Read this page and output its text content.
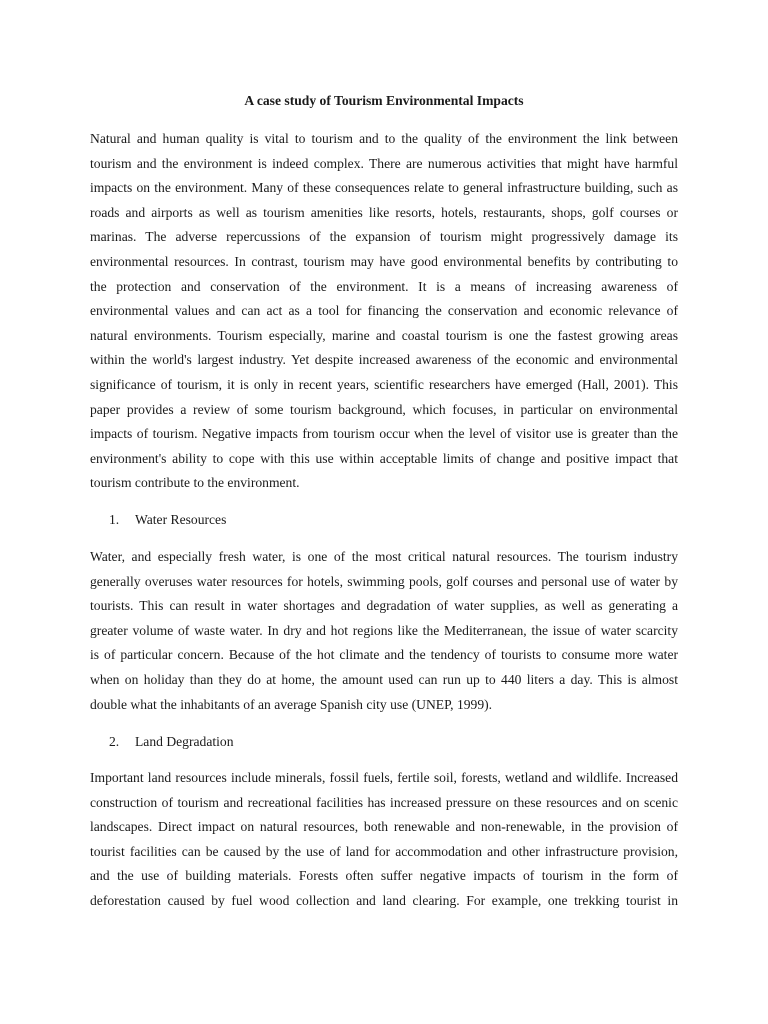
A case study of Tourism Environmental Impacts
Natural and human quality is vital to tourism and to the quality of the environment the link between
tourism and the environment is indeed complex. There are numerous activities that might have harmful
impacts on the environment. Many of these consequences relate to general infrastructure building, such as
roads and airports as well as tourism amenities like resorts, hotels, restaurants, shops, golf courses or
marinas. The adverse repercussions of the expansion of tourism might progressively damage its
environmental resources. In contrast, tourism may have good environmental benefits by contributing to
the protection and conservation of the environment. It is a means of increasing awareness of
environmental values and can act as a tool for financing the conservation and economic relevance of
natural environments. Tourism especially, marine and coastal tourism is one the fastest growing areas
within the world's largest industry. Yet despite increased awareness of the economic and environmental
significance of tourism, it is only in recent years, scientific researchers have emerged (Hall, 2001). This
paper provides a review of some tourism background, which focuses, in particular on environmental
impacts of tourism. Negative impacts from tourism occur when the level of visitor use is greater than the
environment's ability to cope with this use within acceptable limits of change and positive impact that
tourism contribute to the environment.
1. Water Resources
Water, and especially fresh water, is one of the most critical natural resources. The tourism industry
generally overuses water resources for hotels, swimming pools, golf courses and personal use of water by
tourists. This can result in water shortages and degradation of water supplies, as well as generating a
greater volume of waste water. In dry and hot regions like the Mediterranean, the issue of water scarcity
is of particular concern. Because of the hot climate and the tendency of tourists to consume more water
when on holiday than they do at home, the amount used can run up to 440 liters a day. This is almost
double what the inhabitants of an average Spanish city use (UNEP, 1999).
2. Land Degradation
Important land resources include minerals, fossil fuels, fertile soil, forests, wetland and wildlife. Increased
construction of tourism and recreational facilities has increased pressure on these resources and on scenic
landscapes. Direct impact on natural resources, both renewable and non-renewable, in the provision of
tourist facilities can be caused by the use of land for accommodation and other infrastructure provision,
and the use of building materials. Forests often suffer negative impacts of tourism in the form of
deforestation caused by fuel wood collection and land clearing. For example, one trekking tourist in
